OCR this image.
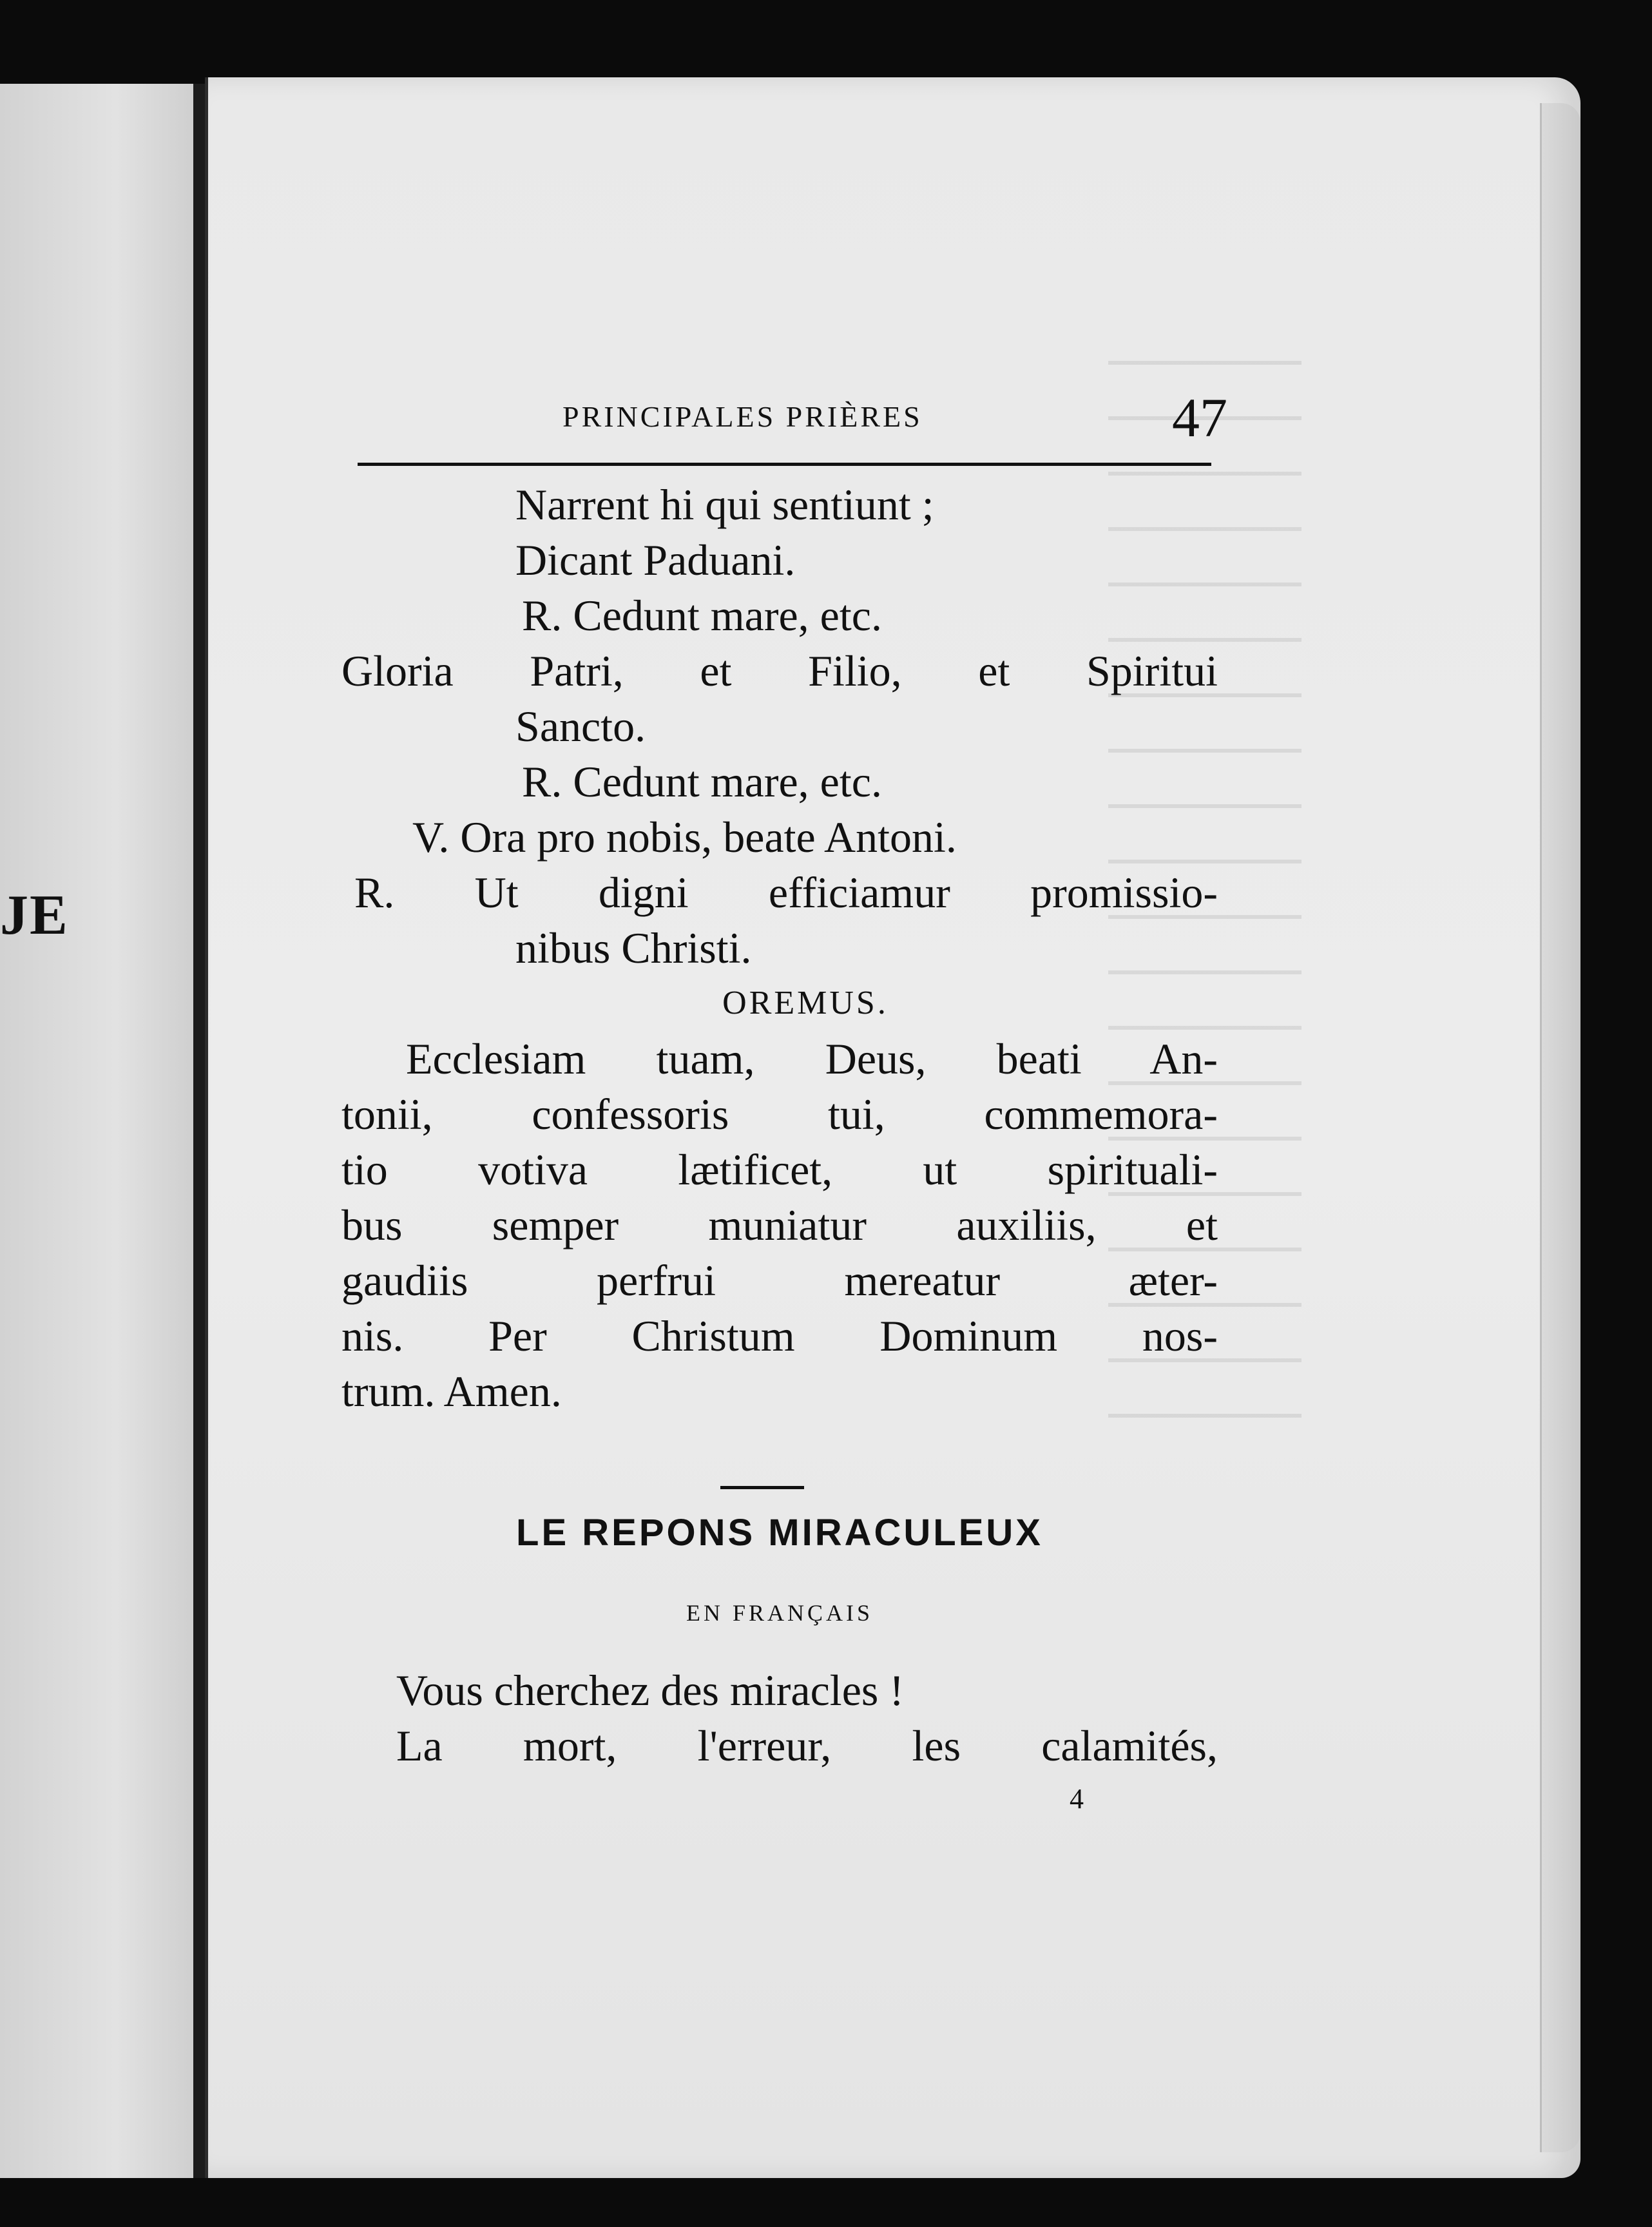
JE
PRINCIPALES PRIÈRES	47
Narrent hi qui sentiunt ;
Dicant Paduani.
R. Cedunt mare, etc.
Gloria Patri, et Filio, et Spiritui
Sancto.
R. Cedunt mare, etc.
V. Ora pro nobis, beate Antoni.
R. Ut digni efficiamur promissio-
nibus Christi.
OREMUS.
Ecclesiam tuam, Deus, beati An-
tonii, confessoris tui, commemora-
tio votiva lætificet, ut spirituali-
bus semper muniatur auxiliis, et
gaudiis perfrui mereatur æter-
nis. Per Christum Dominum nos-
trum. Amen.
LE REPONS MIRACULEUX
EN FRANÇAIS
Vous cherchez des miracles !
La mort, l'erreur, les calamités,
4
